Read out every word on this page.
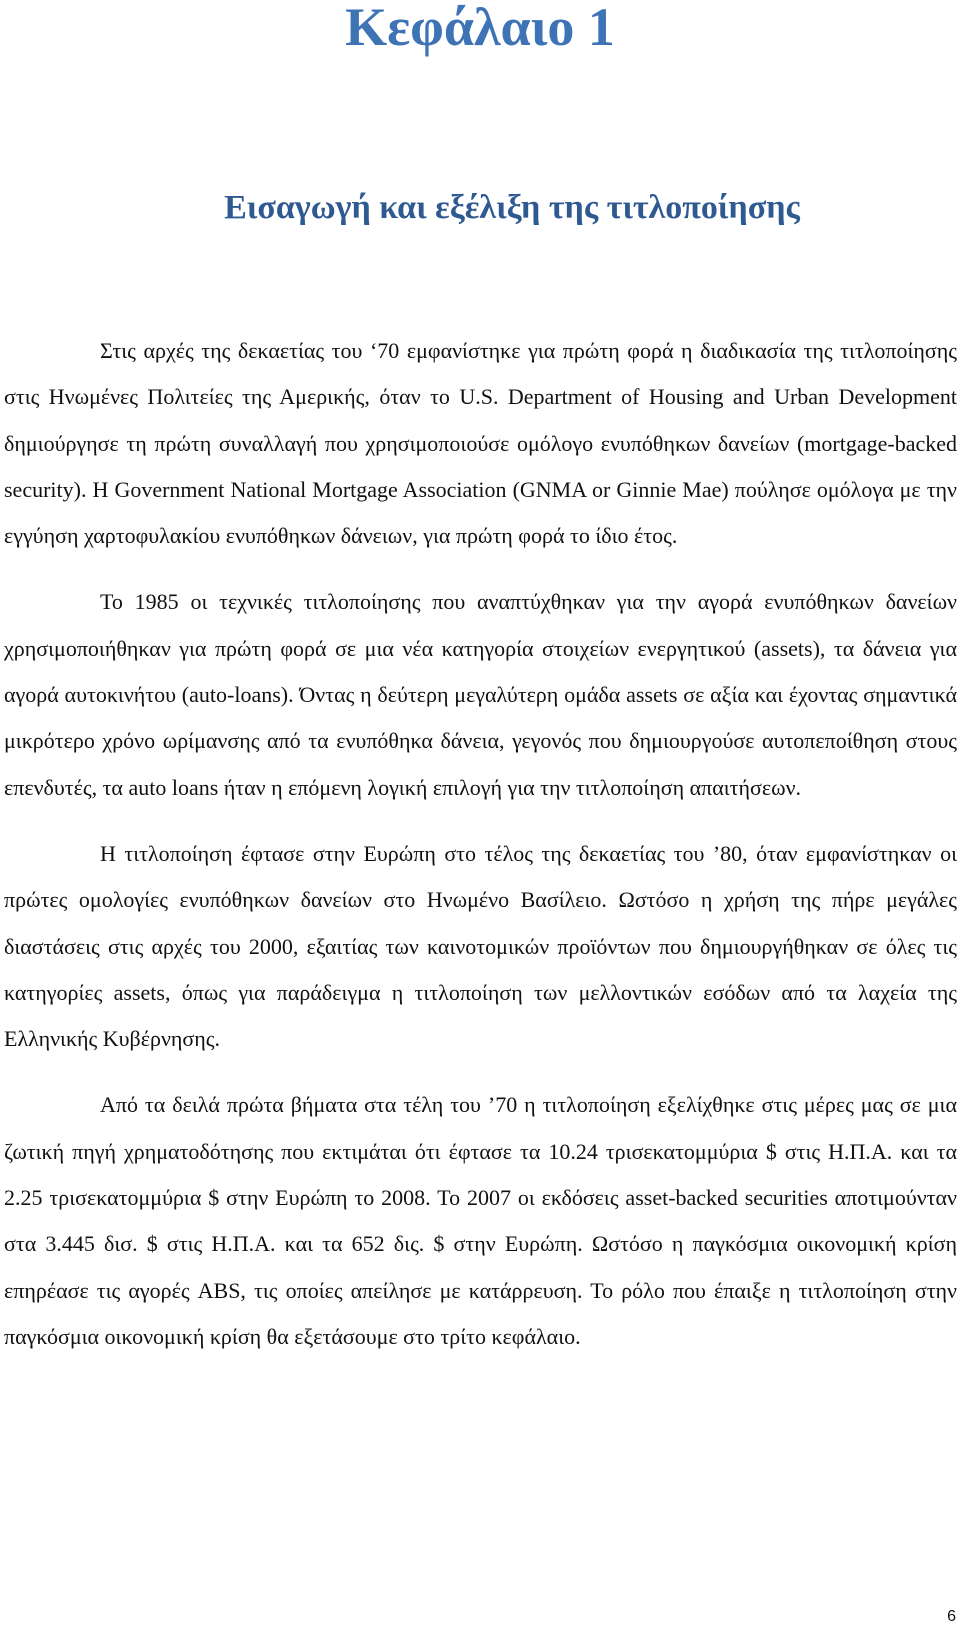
Κεφάλαιο 1
Εισαγωγή και εξέλιξη της τιτλοποίησης

Στις αρχές της δεκαετίας του ‘70 εμφανίστηκε για πρώτη φορά η διαδικασία της τιτλοποίησης στις Ηνωμένες Πολιτείες της Αμερικής, όταν το U.S. Department of Housing and Urban Development δημιούργησε τη πρώτη συναλλαγή που χρησιμοποιούσε ομόλογο ενυπόθηκων δανείων (mortgage-backed security). Η Government National Mortgage Association (GNMA or Ginnie Mae) πούλησε ομόλογα με την εγγύηση χαρτοφυλακίου ενυπόθηκων δάνειων, για πρώτη φορά το ίδιο έτος.

Το 1985 οι τεχνικές τιτλοποίησης που αναπτύχθηκαν για την αγορά ενυπόθηκων δανείων χρησιμοποιήθηκαν για πρώτη φορά σε μια νέα κατηγορία στοιχείων ενεργητικού (assets), τα δάνεια για αγορά αυτοκινήτου (auto-loans). Όντας η δεύτερη μεγαλύτερη ομάδα assets σε αξία και έχοντας σημαντικά μικρότερο χρόνο ωρίμανσης από τα ενυπόθηκα δάνεια, γεγονός που δημιουργούσε αυτοπεποίθηση στους επενδυτές, τα auto loans ήταν η επόμενη λογική επιλογή για την τιτλοποίηση απαιτήσεων.

Η τιτλοποίηση έφτασε στην Ευρώπη στο τέλος της δεκαετίας του ’80, όταν εμφανίστηκαν οι πρώτες ομολογίες ενυπόθηκων δανείων στο Ηνωμένο Βασίλειο. Ωστόσο η χρήση της πήρε μεγάλες διαστάσεις στις αρχές του 2000, εξαιτίας των καινοτομικών προϊόντων που δημιουργήθηκαν σε όλες τις κατηγορίες assets, όπως για παράδειγμα η τιτλοποίηση των μελλοντικών εσόδων από τα λαχεία της Ελληνικής Κυβέρνησης.

Από τα δειλά πρώτα βήματα στα τέλη του ’70 η τιτλοποίηση εξελίχθηκε στις μέρες μας σε μια ζωτική πηγή χρηματοδότησης που εκτιμάται ότι έφτασε τα 10.24 τρισεκατομμύρια $ στις Η.Π.Α. και τα 2.25 τρισεκατομμύρια $ στην Ευρώπη το 2008. Το 2007 οι εκδόσεις asset-backed securities αποτιμούνταν στα 3.445 δισ. $ στις Η.Π.Α. και τα 652 δις. $ στην Ευρώπη. Ωστόσο η παγκόσμια οικονομική κρίση επηρέασε τις αγορές ABS, τις οποίες απείλησε με κατάρρευση. Το ρόλο που έπαιξε η τιτλοποίηση στην παγκόσμια οικονομική κρίση θα εξετάσουμε στο τρίτο κεφάλαιο.

6
